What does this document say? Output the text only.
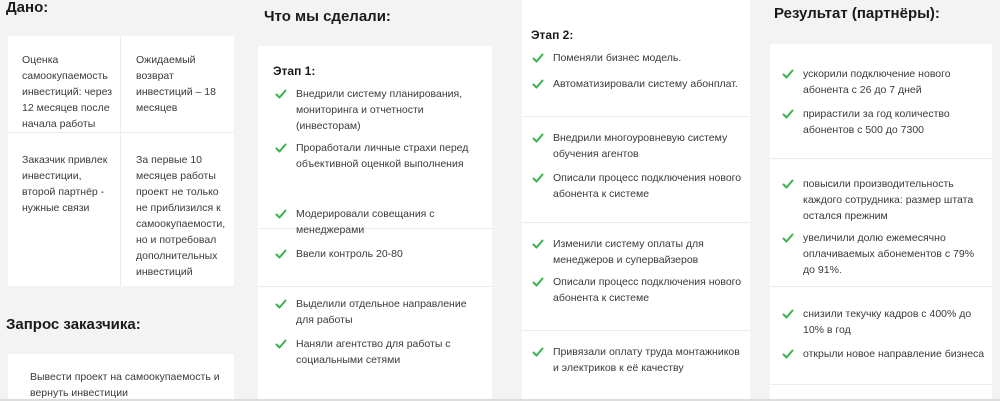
Дано:
Оценка самоокупаемость инвестиций: через 12 месяцев после начала работы
Ожидаемый возврат инвестиций – 18 месяцев
Заказчик привлек инвестиции, второй партнёр - нужные связи
За первые 10 месяцев работы проект не только не приблизился к самоокупаемости, но и потребовал дополнительных инвестиций
Запрос заказчика:
Вывести проект на самоокупаемость и вернуть инвестиции
Что мы сделали:
Этап 1:
Внедрили систему планирования, мониторинга и отчетности (инвесторам)
Проработали личные страхи перед объективной оценкой выполнения
Модерировали совещания с менеджерами
Ввели контроль 20-80
Выделили отдельное направление для работы
Наняли агентство для работы с социальными сетями
Этап 2:
Поменяли бизнес модель.
Автоматизировали систему абонплат.
Внедрили многоуровневую систему обучения агентов
Описали процесс подключения нового абонента к системе
Изменили систему оплаты для менеджеров и супервайзеров
Описали процесс подключения нового абонента к системе
Привязали оплату труда монтажников и электриков к её качеству
Результат (партнёры):
ускорили подключение нового абонента с 26 до 7 дней
прирастили за год количество абонентов с 500 до 7300
повысили производительность каждого сотрудника: размер штата остался прежним
увеличили долю ежемесячно оплачиваемых абонементов с 79% до 91%.
снизили текучку кадров с 400% до 10% в год
открыли новое направление бизнеса
